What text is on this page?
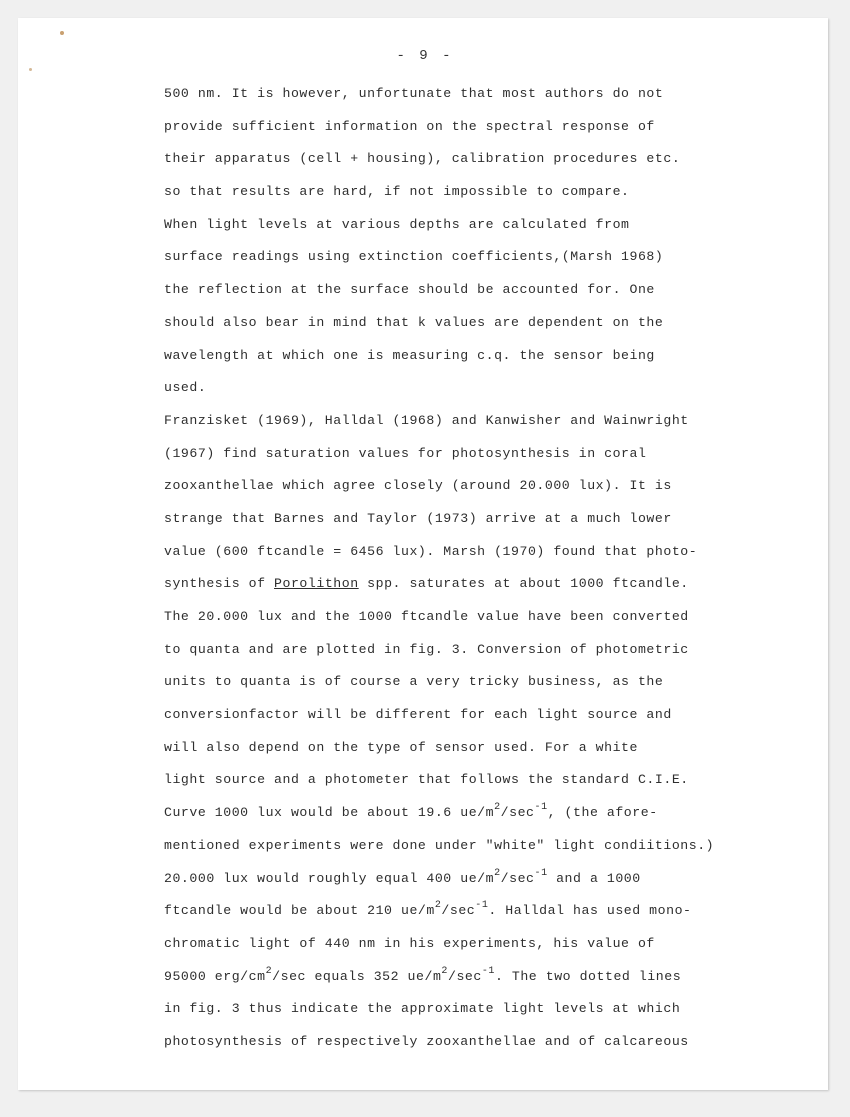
- 9 -
500 nm. It is however, unfortunate that most authors do not
provide sufficient information on the spectral response of
their apparatus (cell + housing), calibration procedures etc.
so that results are hard, if not impossible to compare.
When light levels at various depths are calculated from
surface readings using extinction coefficients,(Marsh 1968)
the reflection at the surface should be accounted for. One
should also bear in mind that k values are dependent on the
wavelength at which one is measuring c.q. the sensor being
used.
Franzisket (1969), Halldal (1968) and Kanwisher and Wainwright
(1967) find saturation values for photosynthesis in coral
zooxanthellae which agree closely (around 20.000 lux). It is
strange that Barnes and Taylor (1973) arrive at a much lower
value (600 ftcandle = 6456 lux). Marsh (1970) found that photo-
synthesis of Porolithon spp. saturates at about 1000 ftcandle.
The 20.000 lux and the 1000 ftcandle value have been converted
to quanta and are plotted in fig. 3. Conversion of photometric
units to quanta is of course a very tricky business, as the
conversionfactor will be different for each light source and
will also depend on the type of sensor used. For a white
light source and a photometer that follows the standard C.I.E.
Curve 1000 lux would be about 19.6 $ue/m^2/\sec^{-1}$, (the afore-
mentioned experiments were done under "white" light condiitions.)
20.000 lux would roughly equal 400 $ue/m^2/\sec^{-1}$ and a 1000
ftcandle would be about 210 $ue/m^2/\sec^{-1}$. Halldal has used mono-
chromatic light of 440 nm in his experiments, his value of
95000 erg/$cm^2/\sec$ equals 352 $ue/m^2/\sec^{-1}$. The two dotted lines
in fig. 3 thus indicate the approximate light levels at which
photosynthesis of respectively zooxanthellae and of calcareous
